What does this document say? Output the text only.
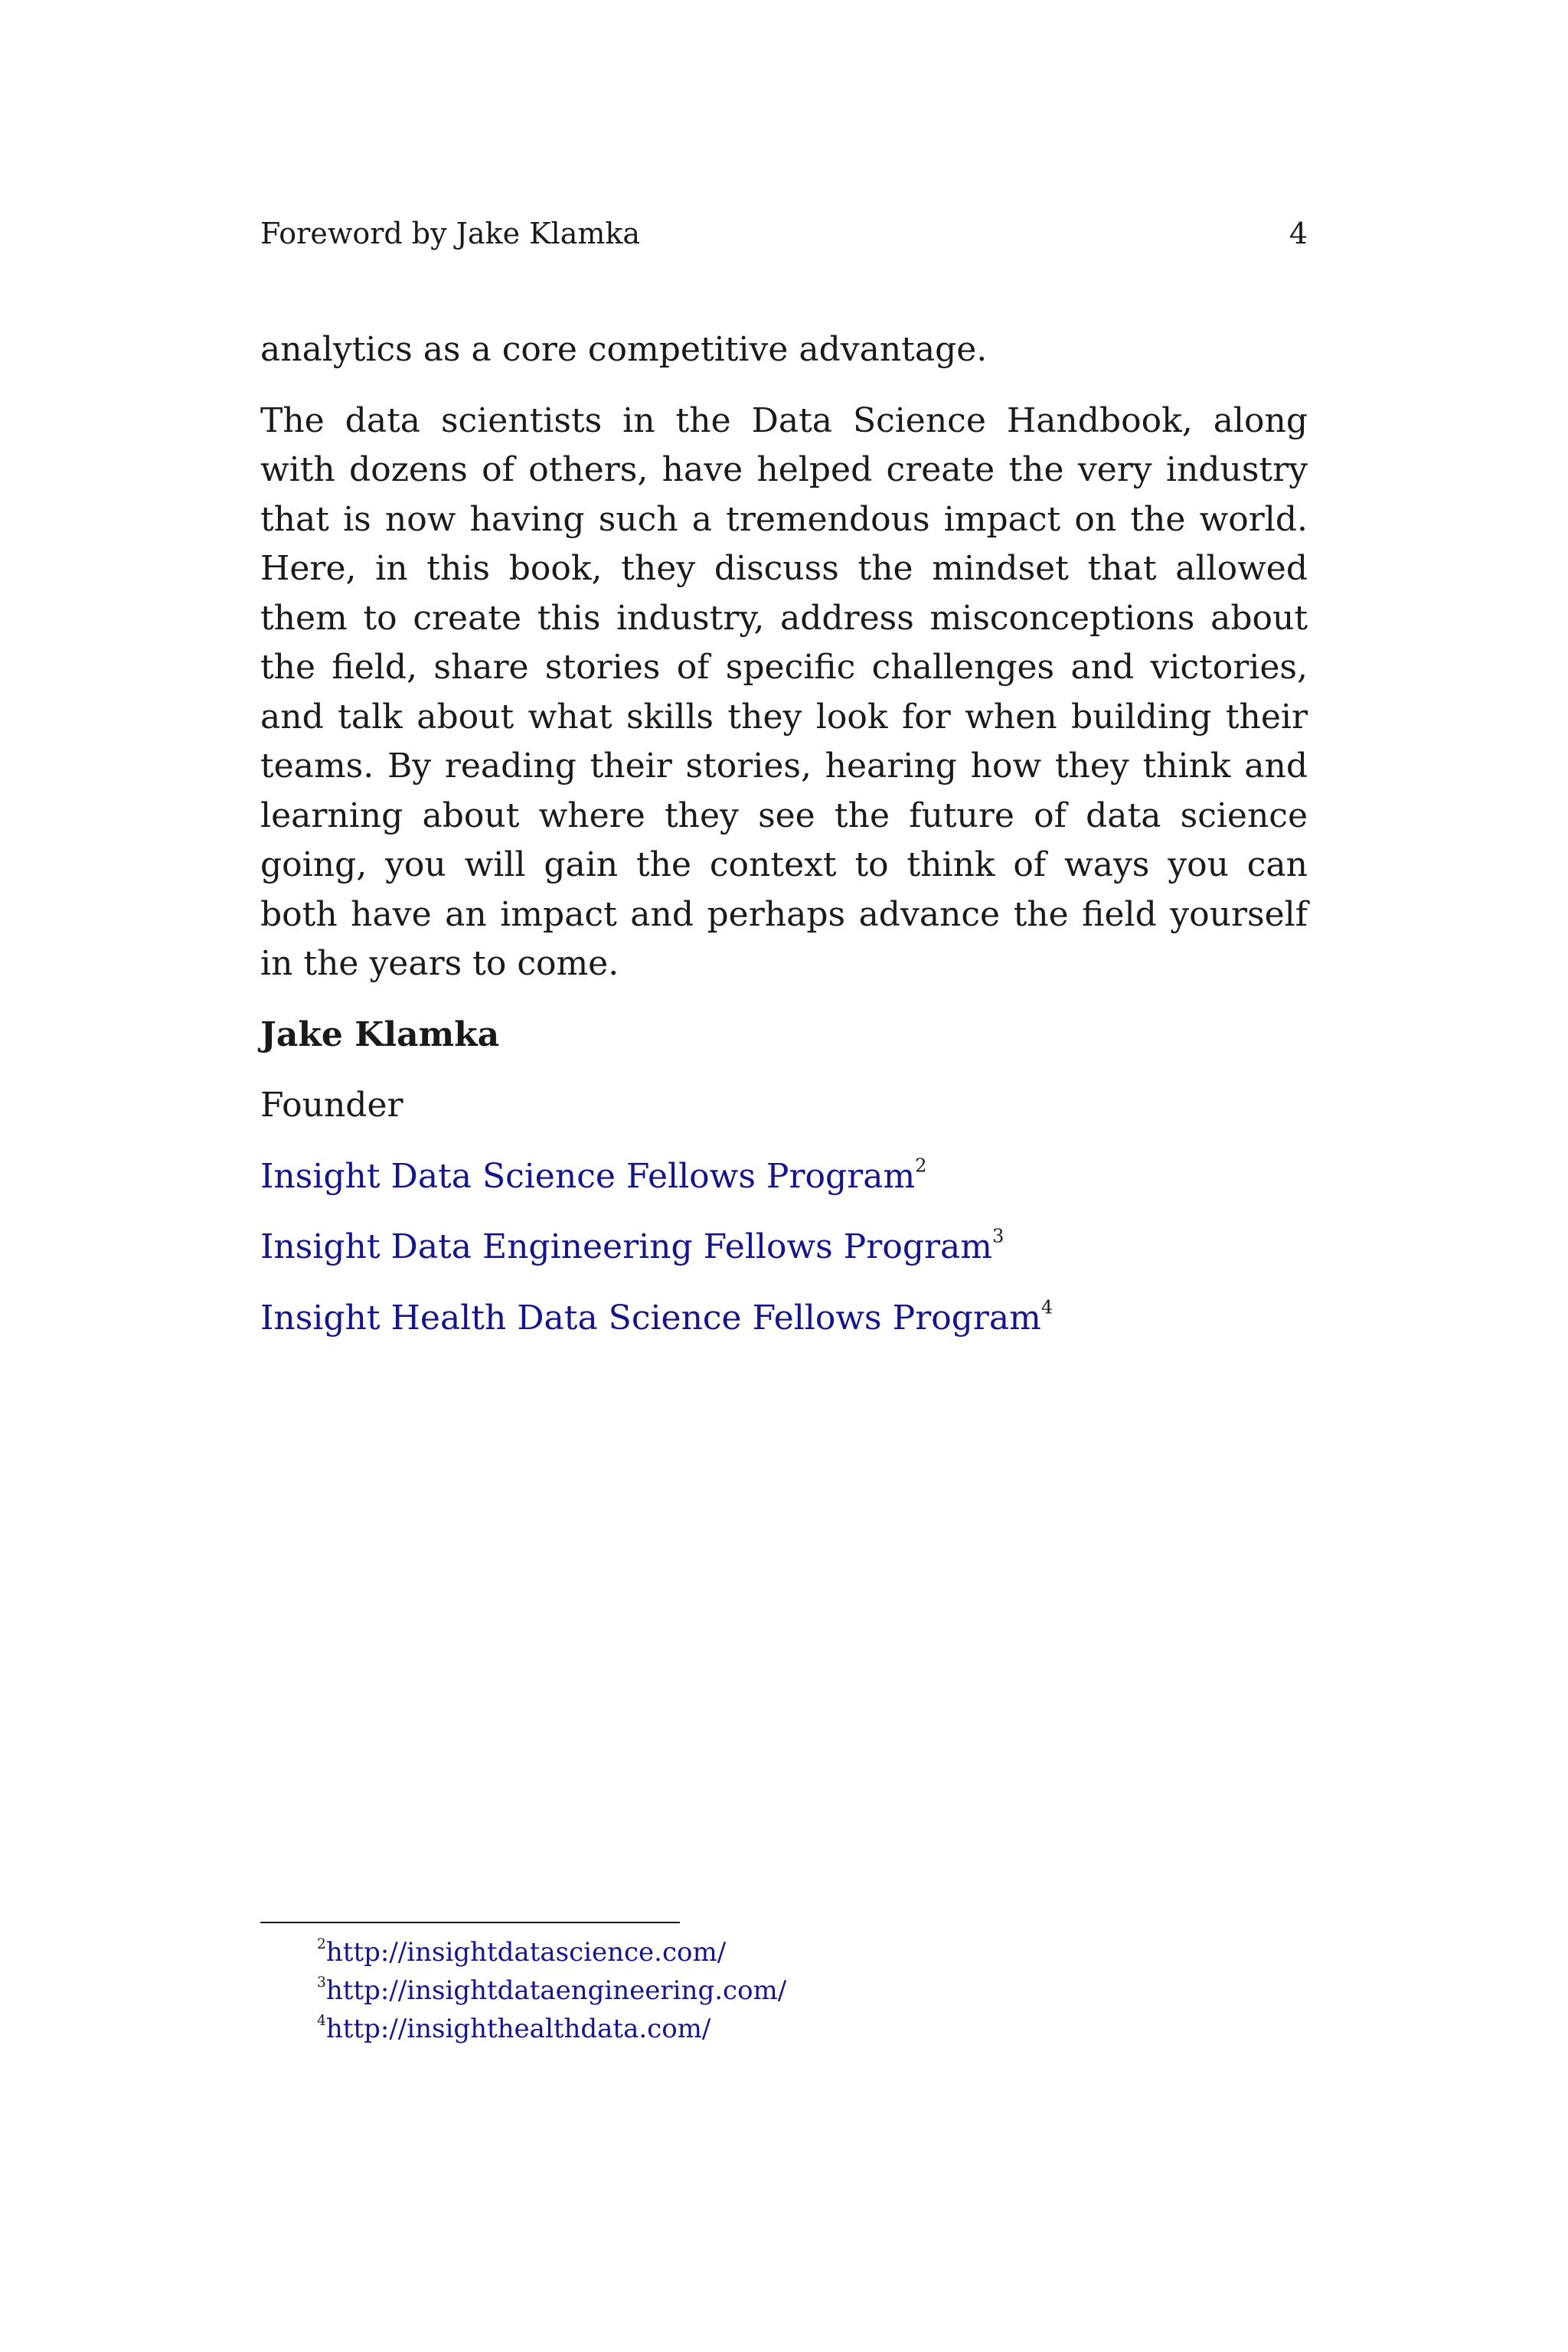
Foreword by Jake Klamka	4

analytics as a core competitive advantage.

The data scientists in the Data Science Handbook, along with dozens of others, have helped create the very industry that is now having such a tremendous impact on the world. Here, in this book, they discuss the mindset that allowed them to create this industry, address misconceptions about the field, share stories of specific challenges and victories, and talk about what skills they look for when building their teams. By reading their stories, hearing how they think and learning about where they see the future of data science going, you will gain the context to think of ways you can both have an impact and perhaps advance the field yourself in the years to come.

Jake Klamka

Founder

Insight Data Science Fellows Program$^2$

Insight Data Engineering Fellows Program$^3$

Insight Health Data Science Fellows Program$^4$

$^2$http://insightdatascience.com/

$^3$http://insightdataengineering.com/

$^4$http://insighthealthdata.com/
